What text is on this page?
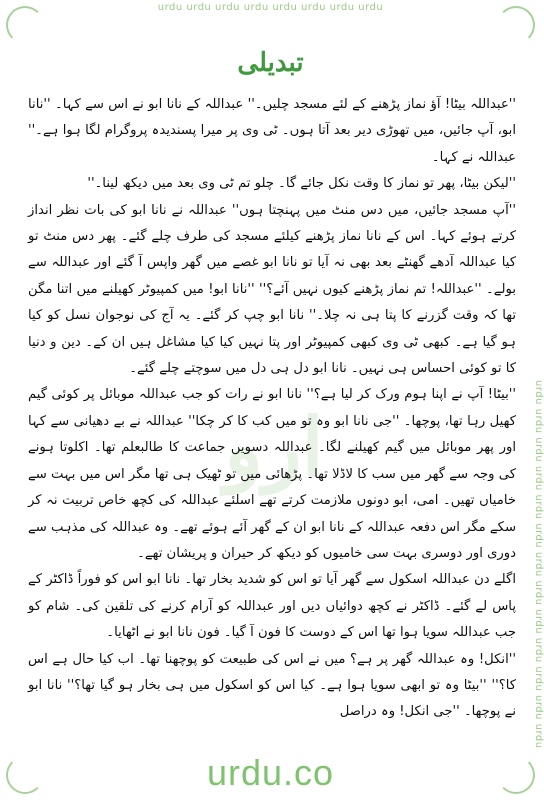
urdu urdu urdu urdu urdu urdu urdu urdu
urdu urdu urdu urdu urdu urdu urdu urdu urdu urdu urdu urdu urdu
تبدیلی
ارو

''عبداللہ بیٹا! آؤ نماز پڑھنے کے لئے مسجد چلیں۔'' عبداللہ کے نانا ابو نے اس سے کہا۔ ''نانا ابو، آپ جائیں، میں تھوڑی دیر بعد آتا ہوں۔ ٹی وی پر میرا پسندیدہ پروگرام لگا ہوا ہے۔'' عبداللہ نے کہا۔

''لیکن بیٹا، پھر تو نماز کا وقت نکل جائے گا۔ چلو تم ٹی وی بعد میں دیکھ لینا۔''

''آپ مسجد جائیں، میں دس منٹ میں پہنچتا ہوں'' عبداللہ نے نانا ابو کی بات نظر انداز کرتے ہوئے کہا۔ اس کے نانا نماز پڑھنے کیلئے مسجد کی طرف چلے گئے۔ پھر دس منٹ تو کیا عبداللہ آدھے گھنٹے بعد بھی نہ آیا تو نانا ابو غصے میں گھر واپس آ گئے اور عبداللہ سے بولے۔ ''عبداللہ! تم نماز پڑھنے کیوں نہیں آئے؟'' ''نانا ابو! میں کمپیوٹر کھیلنے میں اتنا مگن تھا کہ وقت گزرنے کا پتا ہی نہ چلا۔'' نانا ابو چپ کر گئے۔ یہ آج کی نوجوان نسل کو کیا ہو گیا ہے۔ کبھی ٹی وی کبھی کمپیوٹر اور پتا نہیں کیا کیا مشاغل ہیں ان کے۔ دین و دنیا کا تو کوئی احساس ہی نہیں۔ نانا ابو دل ہی دل میں سوچتے چلے گئے۔

''بیٹا! آپ نے اپنا ہوم ورک کر لیا ہے؟'' نانا ابو نے رات کو جب عبداللہ موبائل پر کوئی گیم کھیل رہا تھا، پوچھا۔ ''جی نانا ابو وہ تو میں کب کا کر چکا'' عبداللہ نے بے دھیانی سے کہا اور پھر موبائل میں گیم کھیلنے لگا۔ عبداللہ دسویں جماعت کا طالبعلم تھا۔ اکلوتا ہونے کی وجہ سے گھر میں سب کا لاڈلا تھا۔ پڑھائی میں تو ٹھیک ہی تھا مگر اس میں بہت سے خامیاں تھیں۔ امی، ابو دونوں ملازمت کرتے تھے اسلئے عبداللہ کی کچھ خاص تربیت نہ کر سکے مگر اس دفعہ عبداللہ کے نانا ابو ان کے گھر آئے ہوئے تھے۔ وہ عبداللہ کی مذہب سے دوری اور دوسری بہت سی خامیوں کو دیکھ کر حیران و پریشان تھے۔

اگلے دن عبداللہ اسکول سے گھر آیا تو اس کو شدید بخار تھا۔ نانا ابو اس کو فوراً ڈاکٹر کے پاس لے گئے۔ ڈاکٹر نے کچھ دوائیاں دیں اور عبداللہ کو آرام کرنے کی تلقین کی۔ شام کو جب عبداللہ سویا ہوا تھا اس کے دوست کا فون آ گیا۔ فون نانا ابو نے اٹھایا۔

''انکل! وہ عبداللہ گھر پر ہے؟ میں نے اس کی طبیعت کو پوچھنا تھا۔ اب کیا حال ہے اس کا؟'' ''بیٹا وہ تو ابھی سویا ہوا ہے۔ کیا اس کو اسکول میں ہی بخار ہو گیا تھا؟'' نانا ابو نے پوچھا۔ ''جی انکل! وہ دراصل

urdu.co
